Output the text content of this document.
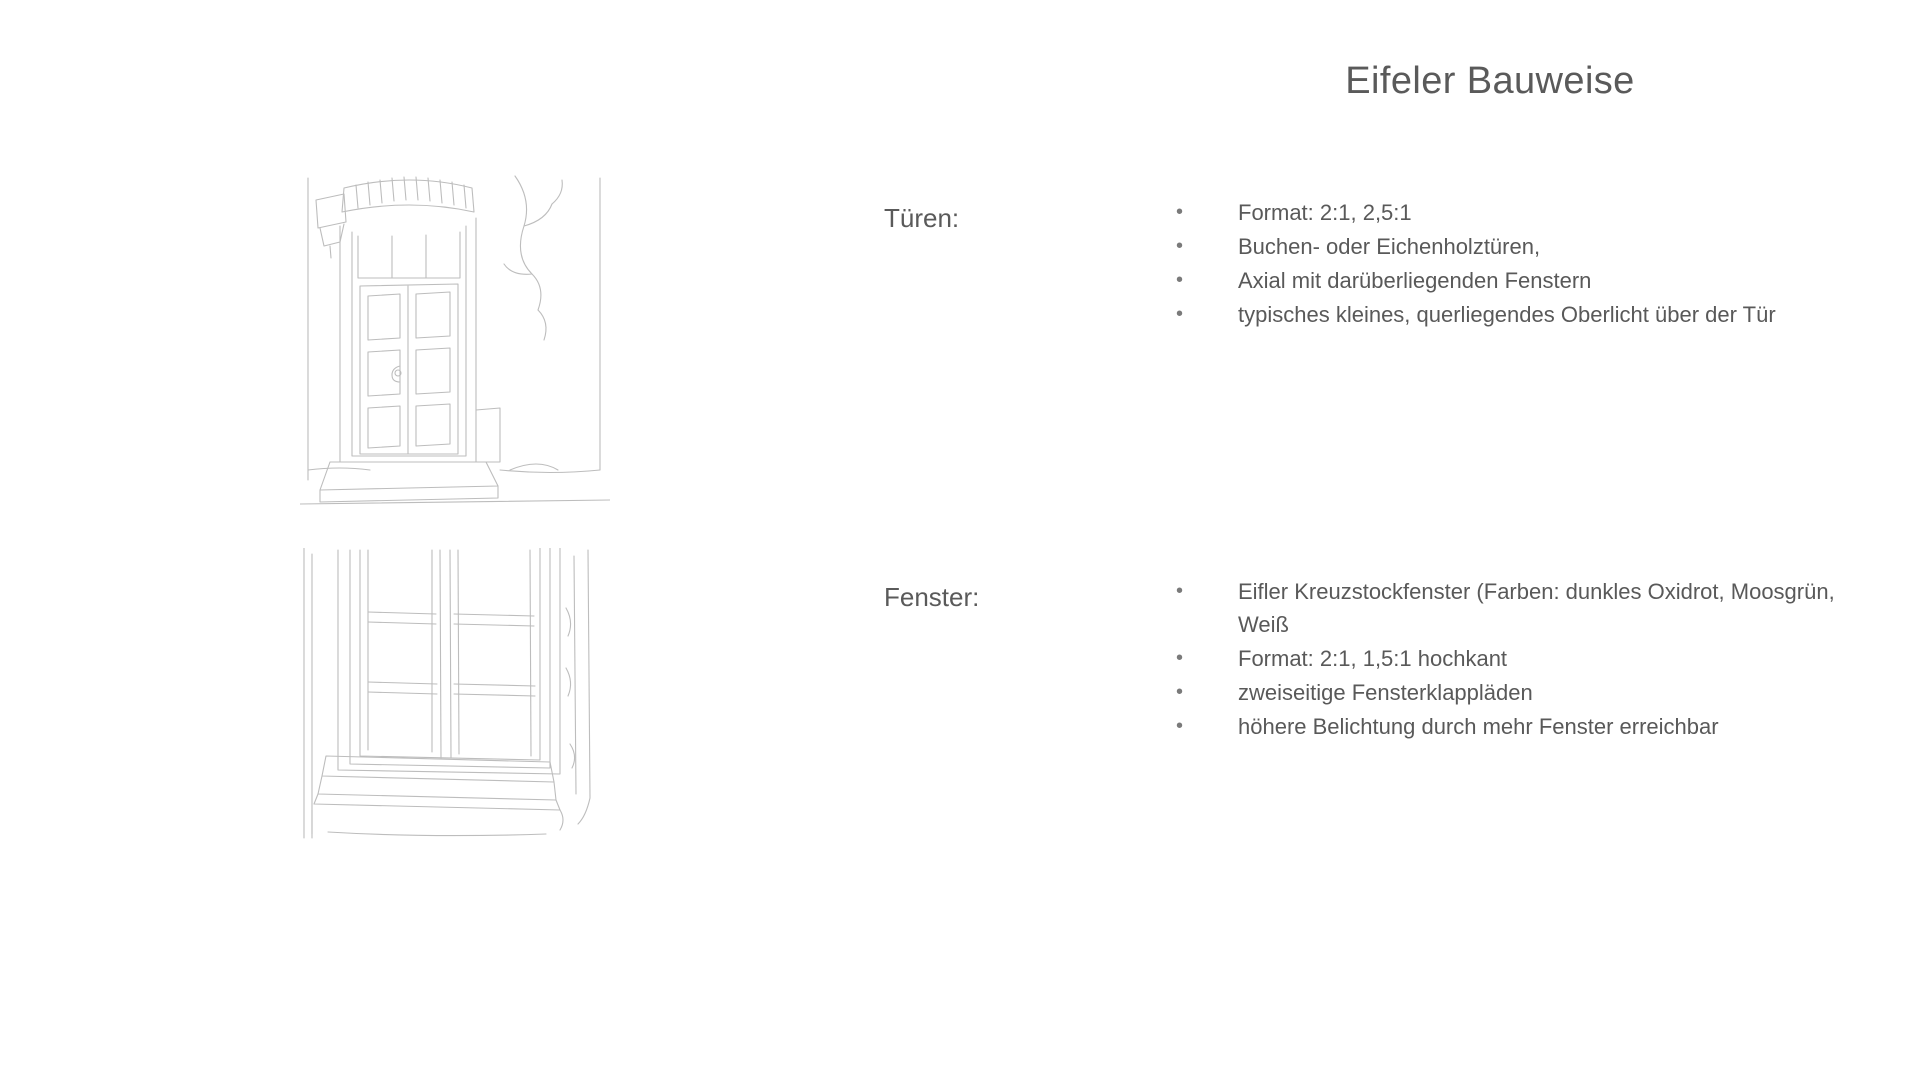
Eifeler Bauweise
Türen:	•	Format: 2:1, 2,5:1
•	Buchen- oder Eichenholztüren,
•	Axial mit darüberliegenden Fenstern
•	typisches kleines, querliegendes Oberlicht über der Tür
Fenster:	•	Eifler Kreuzstockfenster (Farben: dunkles Oxidrot, Moosgrün, Weiß
•	Format: 2:1, 1,5:1 hochkant
•	zweiseitige Fensterklappläden
•	höhere Belichtung durch mehr Fenster erreichbar
